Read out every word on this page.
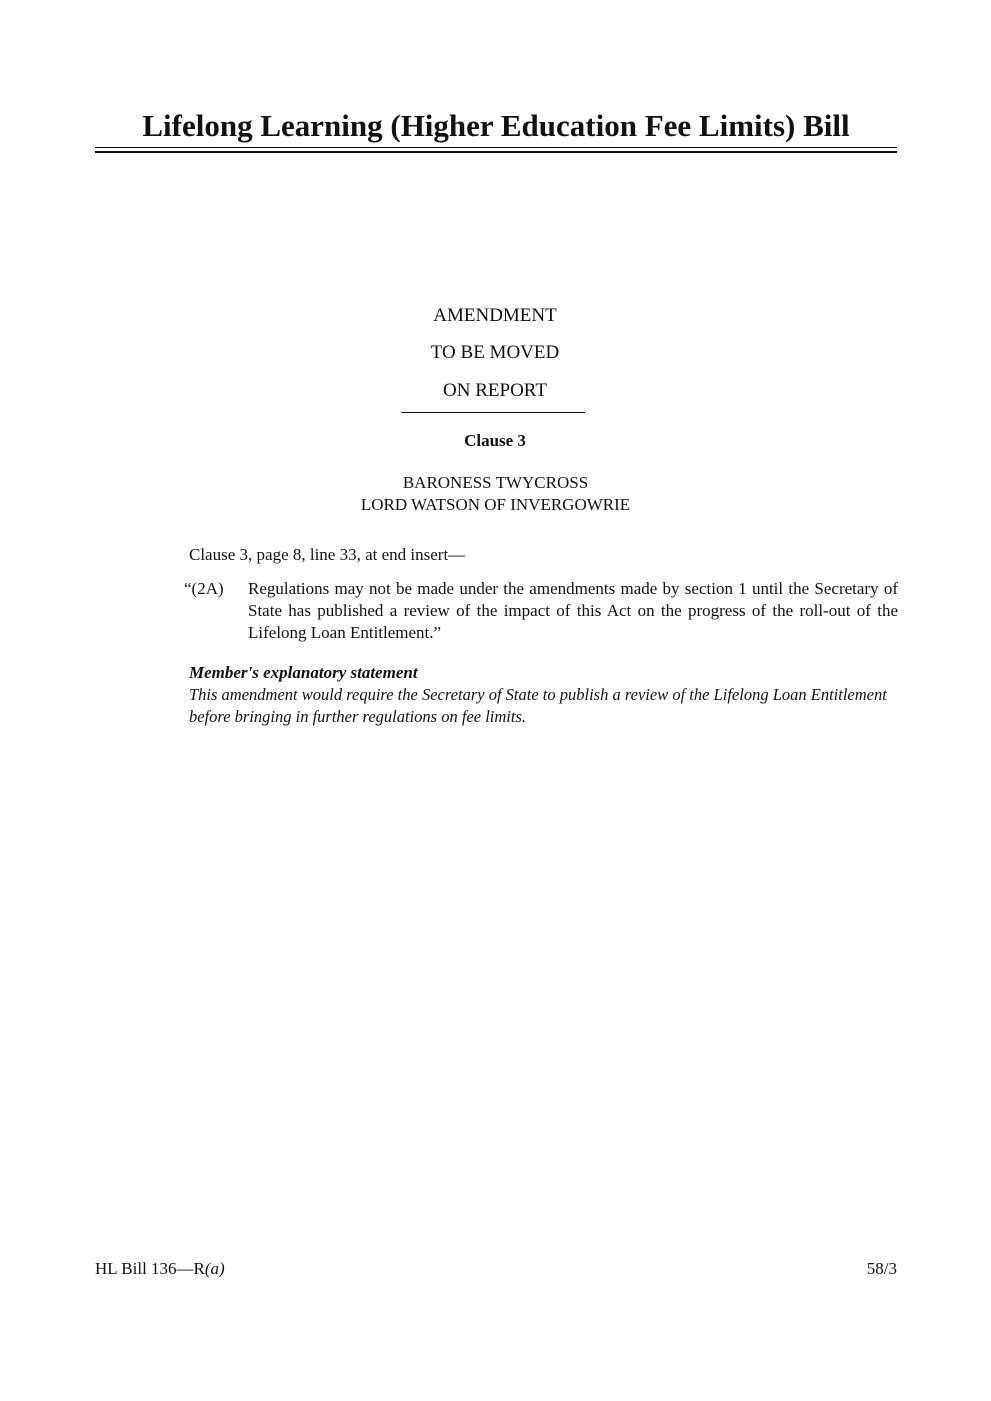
Lifelong Learning (Higher Education Fee Limits) Bill
AMENDMENT
TO BE MOVED
ON REPORT
Clause 3
BARONESS TWYCROSS
LORD WATSON OF INVERGOWRIE
Clause 3, page 8, line 33, at end insert—
“(2A) Regulations may not be made under the amendments made by section 1 until the Secretary of State has published a review of the impact of this Act on the progress of the roll-out of the Lifelong Loan Entitlement.”
Member's explanatory statement
This amendment would require the Secretary of State to publish a review of the Lifelong Loan Entitlement before bringing in further regulations on fee limits.
HL Bill 136—R(a)	58/3
